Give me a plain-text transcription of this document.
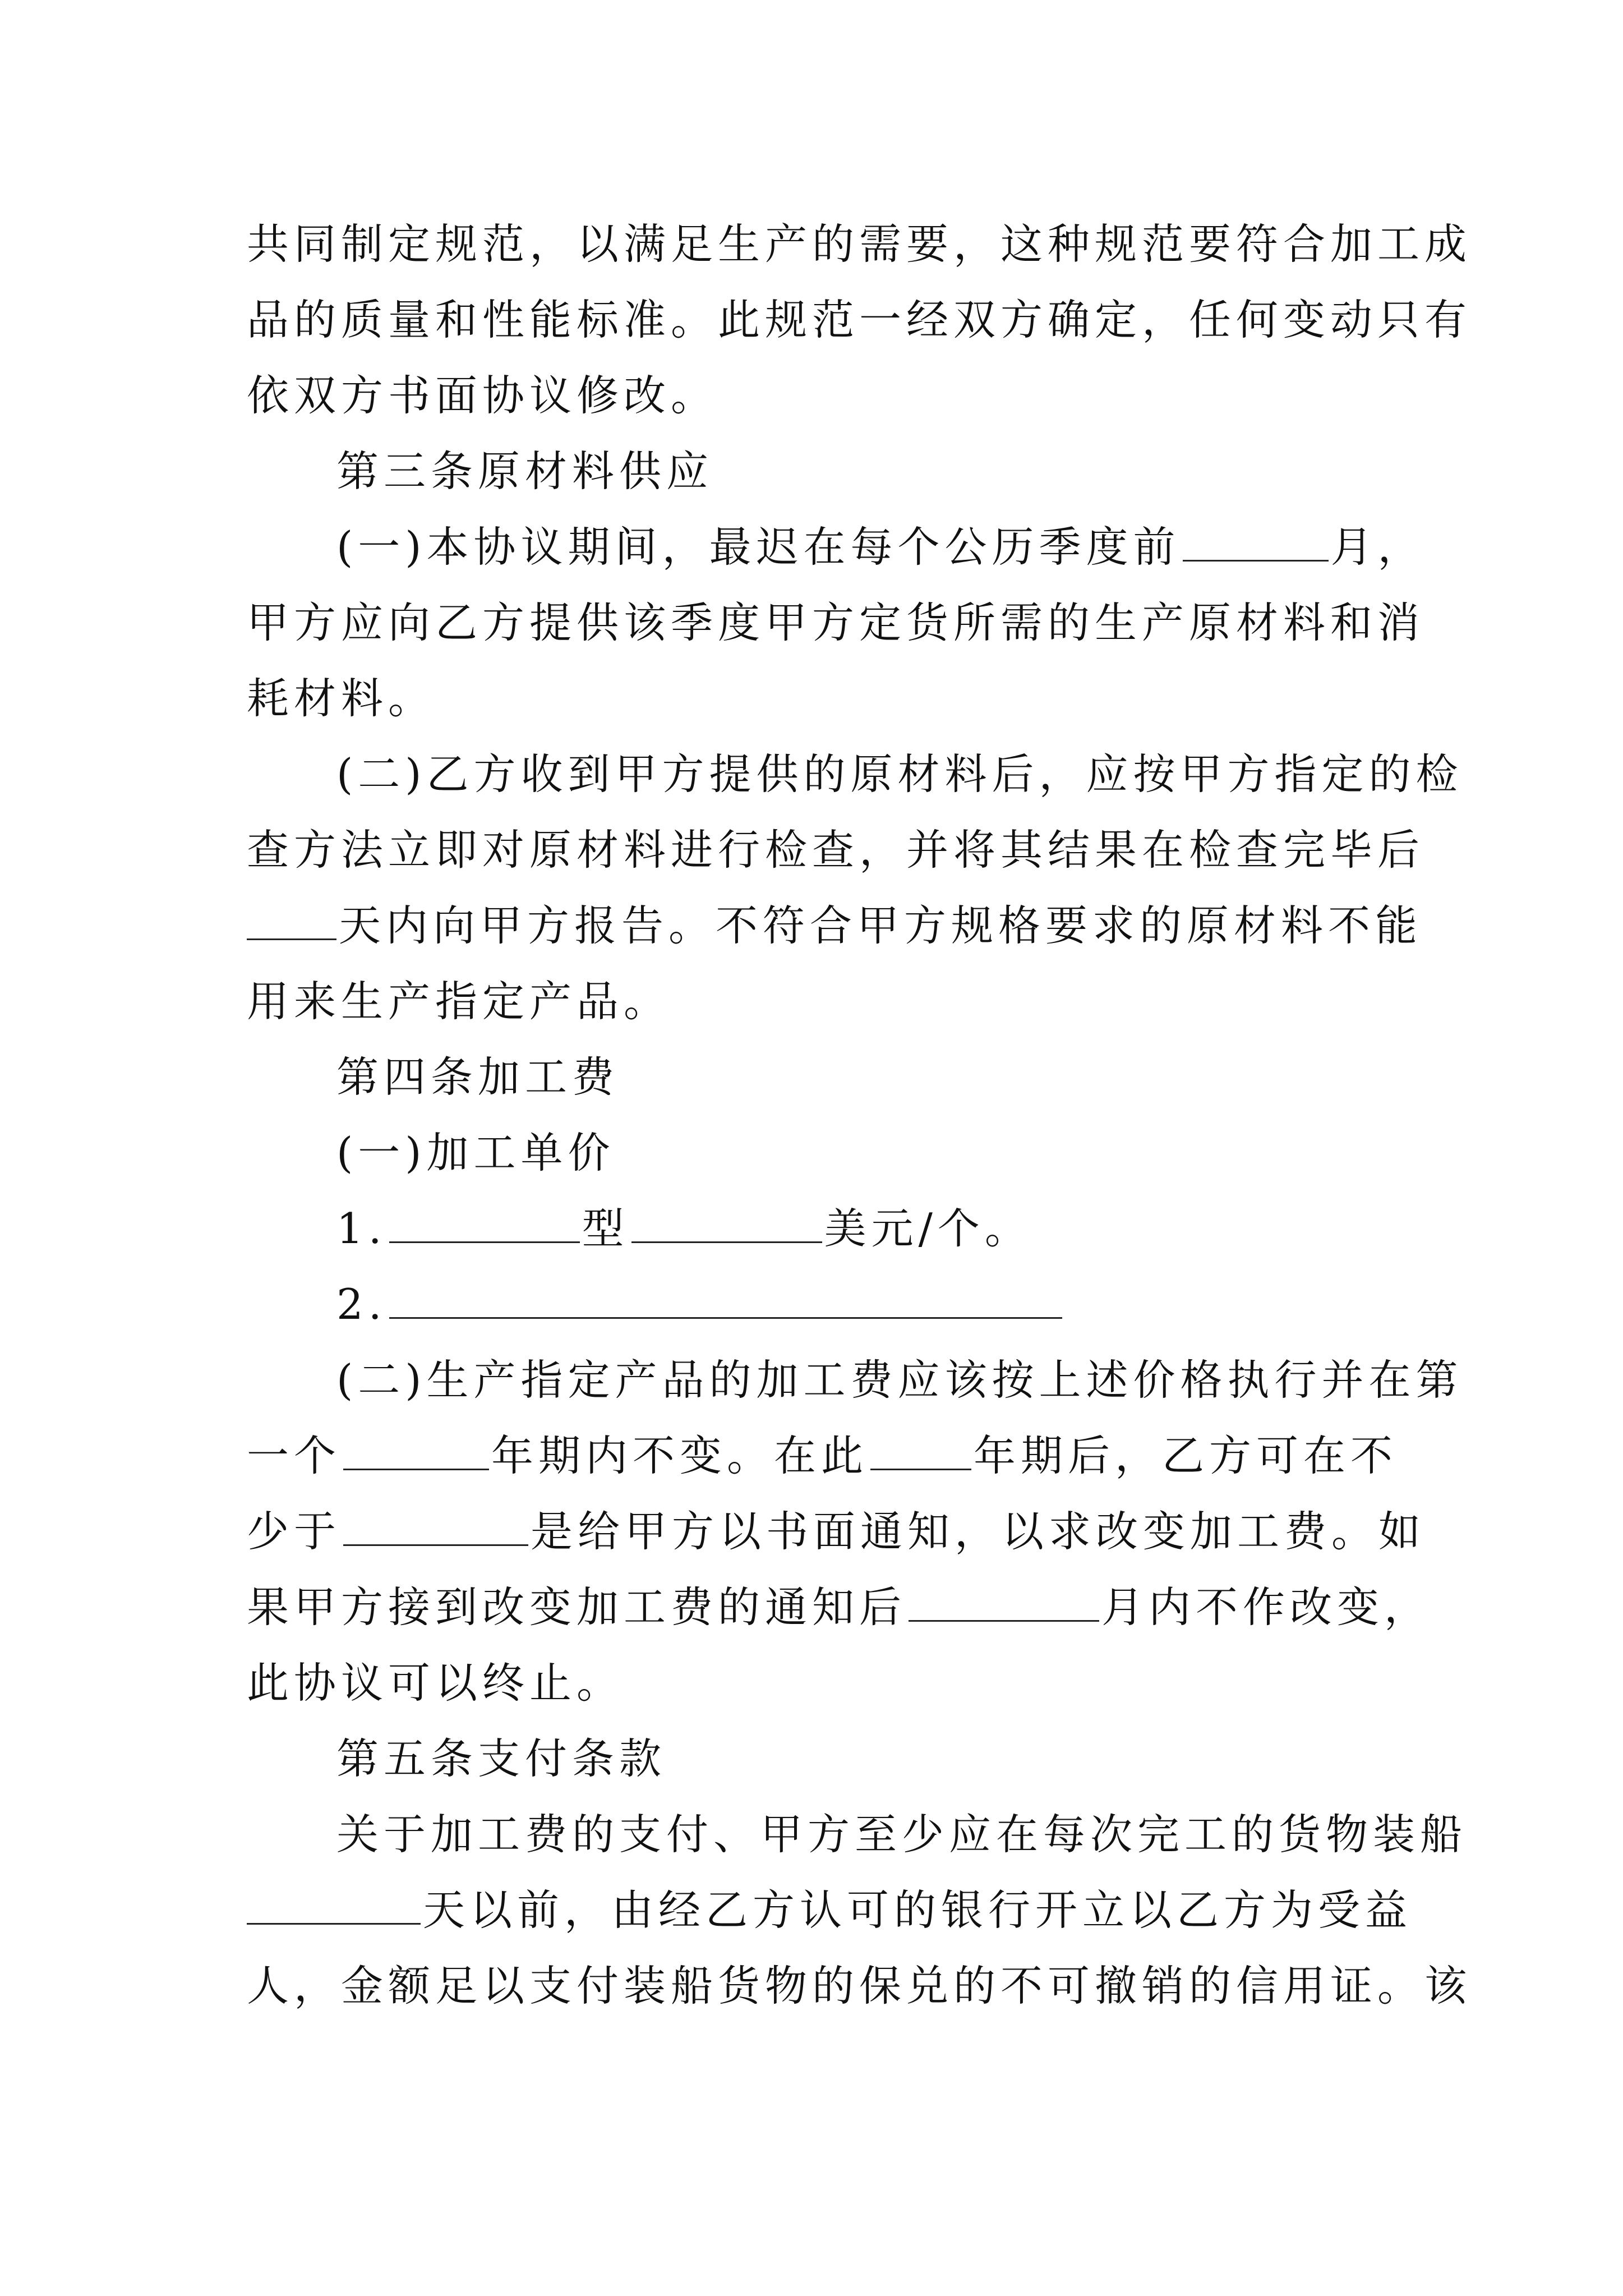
共同制定规范，以满足生产的需要，这种规范要符合加工成
品的质量和性能标准。此规范一经双方确定，任何变动只有
依双方书面协议修改。
第三条原材料供应
(一)本协议期间，最迟在每个公历季度前	月，
甲方应向乙方提供该季度甲方定货所需的生产原材料和消
耗材料。
(二)乙方收到甲方提供的原材料后，应按甲方指定的检
查方法立即对原材料进行检查，并将其结果在检查完毕后
天内向甲方报告。不符合甲方规格要求的原材料不能
用来生产指定产品。
第四条加工费
(一)加工单价
1.	型	美元/个。
2.
(二)生产指定产品的加工费应该按上述价格执行并在第
一个	年期内不变。在此	年期后，乙方可在不
少于	是给甲方以书面通知，以求改变加工费。如
果甲方接到改变加工费的通知后	月内不作改变，
此协议可以终止。
第五条支付条款
关于加工费的支付、甲方至少应在每次完工的货物装船
天以前，由经乙方认可的银行开立以乙方为受益
人，金额足以支付装船货物的保兑的不可撤销的信用证。该
